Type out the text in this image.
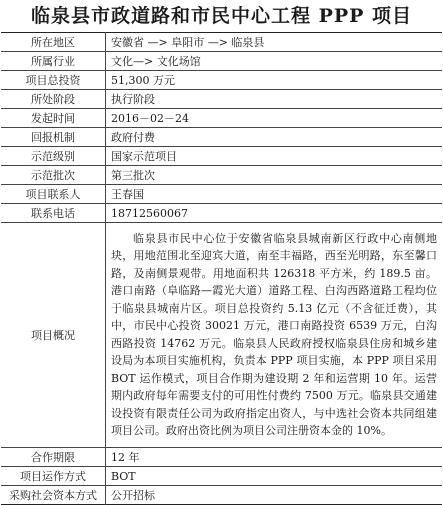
临泉县市政道路和市民中心工程 PPP 项目
所在地区	安徽省 —> 阜阳市 —> 临泉县
所属行业	文化—> 文化场馆
项目总投资	51,300 万元
所处阶段	执行阶段
发起时间	2016－02－24
回报机制	政府付费
示范级别	国家示范项目
示范批次	第三批次
项目联系人	王春国
联系电话	18712560067
项目概况	临泉县市民中心位于安徽省临泉县城南新区行政中心南侧地块，用地范围北至迎宾大道，南至丰福路，西至光明路，东至馨口路，及南侧景观带。用地面积共 126318 平方米，约 189.5 亩。港口南路（阜临路—霞光大道）道路工程、白沟西路道路工程均位于临泉县城南片区。项目总投资约 5.13 亿元（不含征迁费），其中，市民中心投资 30021 万元，港口南路投资 6539 万元，白沟西路投资 14762 万元。临泉县人民政府授权临泉县住房和城乡建设局为本项目实施机构，负责本 PPP 项目实施，本 PPP 项目采用 BOT 运作模式，项目合作期为建设期 2 年和运营期 10 年。运营期内政府每年需要支付的可用性付费约 7500 万元。临泉县交通建设投资有限责任公司为政府指定出资人，与中选社会资本共同组建项目公司。政府出资比例为项目公司注册资本金的 10%。
合作期限	12 年
项目运作方式	BOT
采购社会资本方式	公开招标
